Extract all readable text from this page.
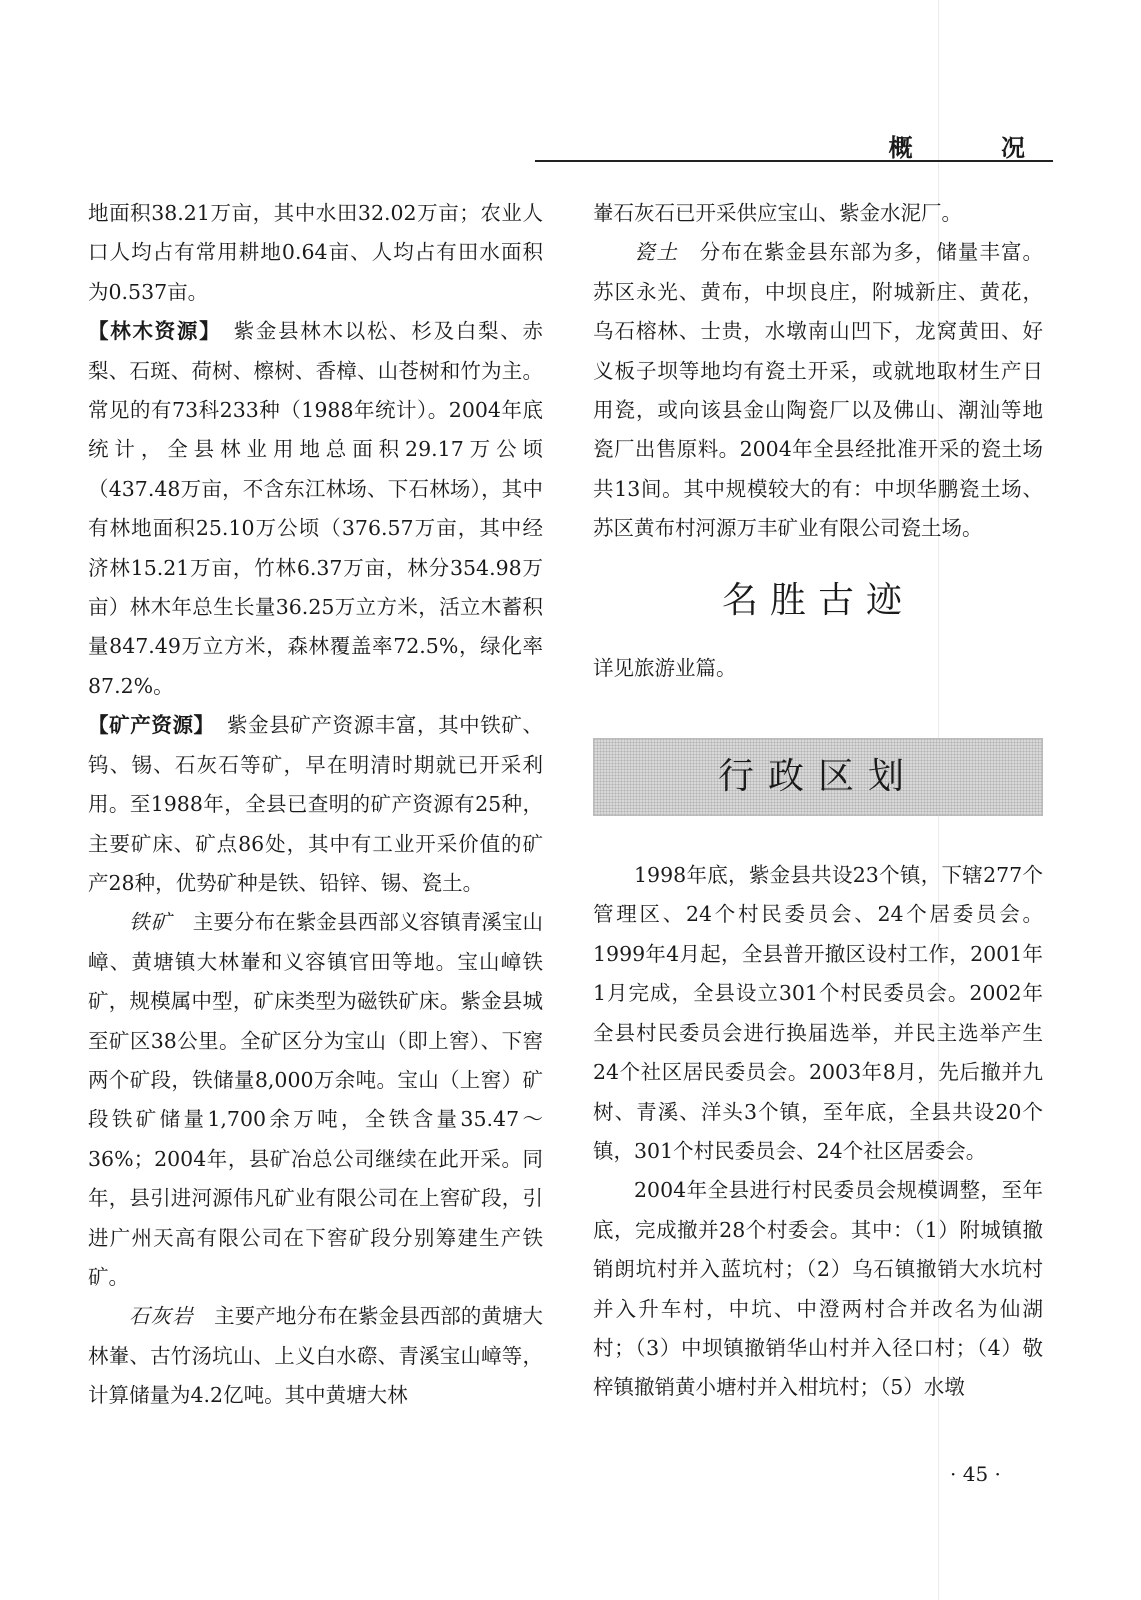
概 况

地面积38.21万亩，其中水田32.02万亩；农业人口人均占有常用耕地0.64亩、人均占有田水面积为0.537亩。

【林木资源】 紫金县林木以松、杉及白梨、赤梨、石斑、荷树、檫树、香樟、山苍树和竹为主。常见的有73科233种（1988年统计）。2004年底统计，全县林业用地总面积29.17万公顷（437.48万亩，不含东江林场、下石林场），其中有林地面积25.10万公顷（376.57万亩，其中经济林15.21万亩，竹林6.37万亩，林分354.98万亩）林木年总生长量36.25万立方米，活立木蓄积量847.49万立方米，森林覆盖率72.5%，绿化率87.2%。

【矿产资源】 紫金县矿产资源丰富，其中铁矿、钨、锡、石灰石等矿，早在明清时期就已开采利用。至1988年，全县已查明的矿产资源有25种，主要矿床、矿点86处，其中有工业开采价值的矿产28种，优势矿种是铁、铅锌、锡、瓷土。

铁矿 主要分布在紫金县西部义容镇青溪宝山嶂、黄塘镇大林輋和义容镇官田等地。宝山嶂铁矿，规模属中型，矿床类型为磁铁矿床。紫金县城至矿区38公里。全矿区分为宝山（即上窖）、下窖两个矿段，铁储量8,000万余吨。宝山（上窖）矿段铁矿储量1,700余万吨，全铁含量35.47～36%；2004年，县矿冶总公司继续在此开采。同年，县引进河源伟凡矿业有限公司在上窖矿段，引进广州天高有限公司在下窖矿段分别筹建生产铁矿。

石灰岩 主要产地分布在紫金县西部的黄塘大林輋、古竹汤坑山、上义白水磜、青溪宝山嶂等，计算储量为4.2亿吨。其中黄塘大林

輋石灰石已开采供应宝山、紫金水泥厂。

瓷土 分布在紫金县东部为多，储量丰富。苏区永光、黄布，中坝良庄，附城新庄、黄花，乌石榕林、士贵，水墩南山凹下，龙窝黄田、好义板子坝等地均有瓷土开采，或就地取材生产日用瓷，或向该县金山陶瓷厂以及佛山、潮汕等地瓷厂出售原料。2004年全县经批准开采的瓷土场共13间。其中规模较大的有：中坝华鹏瓷土场、苏区黄布村河源万丰矿业有限公司瓷土场。

名胜古迹

详见旅游业篇。

行政区划

1998年底，紫金县共设23个镇，下辖277个管理区、24个村民委员会、24个居委员会。1999年4月起，全县普开撤区设村工作，2001年1月完成，全县设立301个村民委员会。2002年全县村民委员会进行换届选举，并民主选举产生24个社区居民委员会。2003年8月，先后撤并九树、青溪、洋头3个镇，至年底，全县共设20个镇，301个村民委员会、24个社区居委会。

2004年全县进行村民委员会规模调整，至年底，完成撤并28个村委会。其中：（1）附城镇撤销朗坑村并入蓝坑村；（2）乌石镇撤销大水坑村并入升车村，中坑、中澄两村合并改名为仙湖村；（3）中坝镇撤销华山村并入径口村；（4）敬梓镇撤销黄小塘村并入柑坑村；（5）水墩

· 45 ·
